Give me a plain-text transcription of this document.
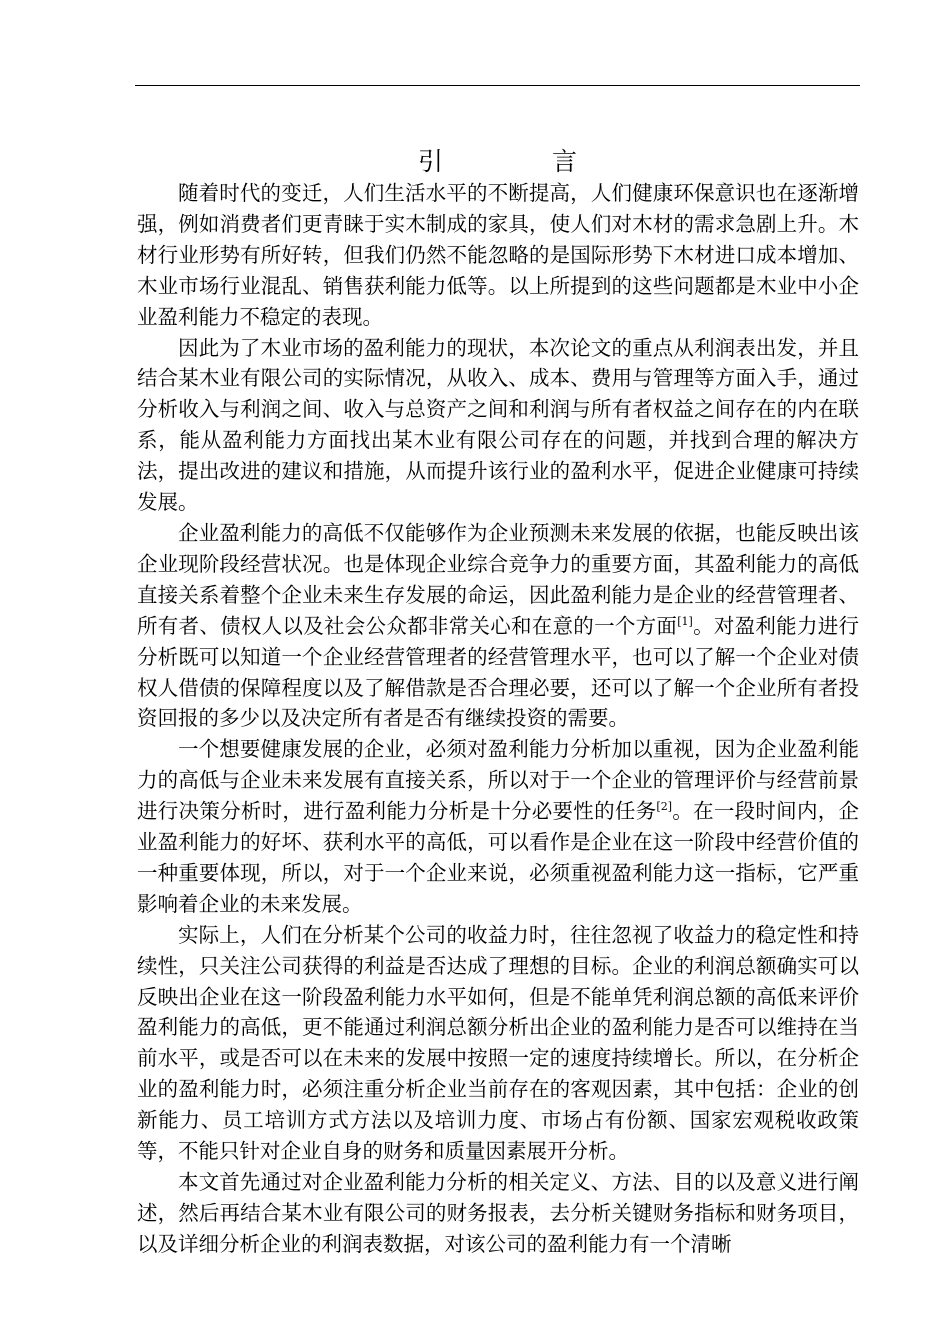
引　言

随着时代的变迁，人们生活水平的不断提高，人们健康环保意识也在逐渐增强，例如消费者们更青睐于实木制成的家具，使人们对木材的需求急剧上升。木材行业形势有所好转，但我们仍然不能忽略的是国际形势下木材进口成本增加、木业市场行业混乱、销售获利能力低等。以上所提到的这些问题都是木业中小企业盈利能力不稳定的表现。

因此为了木业市场的盈利能力的现状，本次论文的重点从利润表出发，并且结合某木业有限公司的实际情况，从收入、成本、费用与管理等方面入手，通过分析收入与利润之间、收入与总资产之间和利润与所有者权益之间存在的内在联系，能从盈利能力方面找出某木业有限公司存在的问题，并找到合理的解决方法，提出改进的建议和措施，从而提升该行业的盈利水平，促进企业健康可持续发展。

企业盈利能力的高低不仅能够作为企业预测未来发展的依据，也能反映出该企业现阶段经营状况。也是体现企业综合竞争力的重要方面，其盈利能力的高低直接关系着整个企业未来生存发展的命运，因此盈利能力是企业的经营管理者、所有者、债权人以及社会公众都非常关心和在意的一个方面[1]。对盈利能力进行分析既可以知道一个企业经营管理者的经营管理水平，也可以了解一个企业对债权人借债的保障程度以及了解借款是否合理必要，还可以了解一个企业所有者投资回报的多少以及决定所有者是否有继续投资的需要。

一个想要健康发展的企业，必须对盈利能力分析加以重视，因为企业盈利能力的高低与企业未来发展有直接关系，所以对于一个企业的管理评价与经营前景进行决策分析时，进行盈利能力分析是十分必要性的任务[2]。在一段时间内，企业盈利能力的好坏、获利水平的高低，可以看作是企业在这一阶段中经营价值的一种重要体现，所以，对于一个企业来说，必须重视盈利能力这一指标，它严重影响着企业的未来发展。

实际上，人们在分析某个公司的收益力时，往往忽视了收益力的稳定性和持续性，只关注公司获得的利益是否达成了理想的目标。企业的利润总额确实可以反映出企业在这一阶段盈利能力水平如何，但是不能单凭利润总额的高低来评价盈利能力的高低，更不能通过利润总额分析出企业的盈利能力是否可以维持在当前水平，或是否可以在未来的发展中按照一定的速度持续增长。所以，在分析企业的盈利能力时，必须注重分析企业当前存在的客观因素，其中包括：企业的创新能力、员工培训方式方法以及培训力度、市场占有份额、国家宏观税收政策等，不能只针对企业自身的财务和质量因素展开分析。

本文首先通过对企业盈利能力分析的相关定义、方法、目的以及意义进行阐述，然后再结合某木业有限公司的财务报表，去分析关键财务指标和财务项目，以及详细分析企业的利润表数据，对该公司的盈利能力有一个清晰
